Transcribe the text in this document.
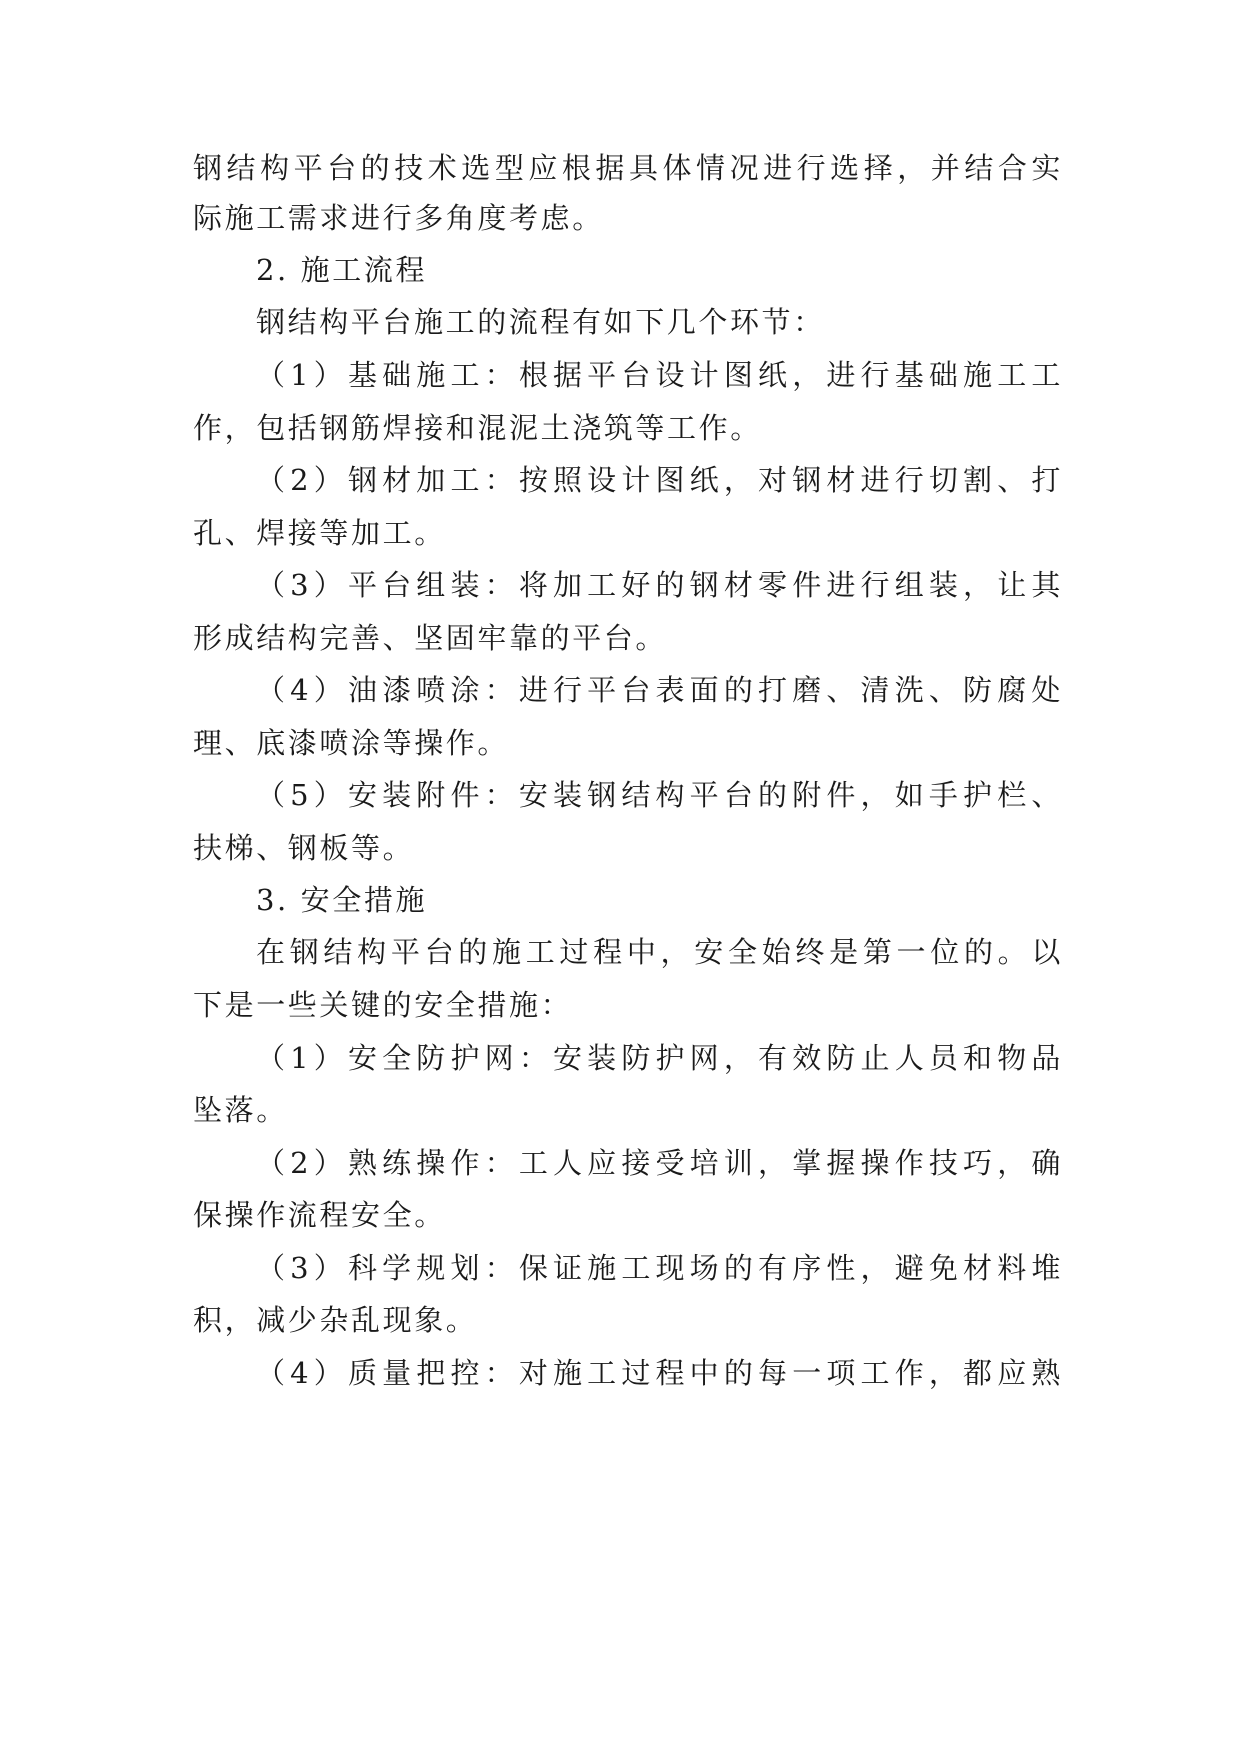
钢结构平台的技术选型应根据具体情况进行选择，并结合实
际施工需求进行多角度考虑。
2. 施工流程
钢结构平台施工的流程有如下几个环节：
（1）基础施工：根据平台设计图纸，进行基础施工工
作，包括钢筋焊接和混泥土浇筑等工作。
（2）钢材加工：按照设计图纸，对钢材进行切割、打
孔、焊接等加工。
（3）平台组装：将加工好的钢材零件进行组装，让其
形成结构完善、坚固牢靠的平台。
（4）油漆喷涂：进行平台表面的打磨、清洗、防腐处
理、底漆喷涂等操作。
（5）安装附件：安装钢结构平台的附件，如手护栏、
扶梯、钢板等。
3. 安全措施
在钢结构平台的施工过程中，安全始终是第一位的。以
下是一些关键的安全措施：
（1）安全防护网：安装防护网，有效防止人员和物品
坠落。
（2）熟练操作：工人应接受培训，掌握操作技巧，确
保操作流程安全。
（3）科学规划：保证施工现场的有序性，避免材料堆
积，减少杂乱现象。
（4）质量把控：对施工过程中的每一项工作，都应熟
